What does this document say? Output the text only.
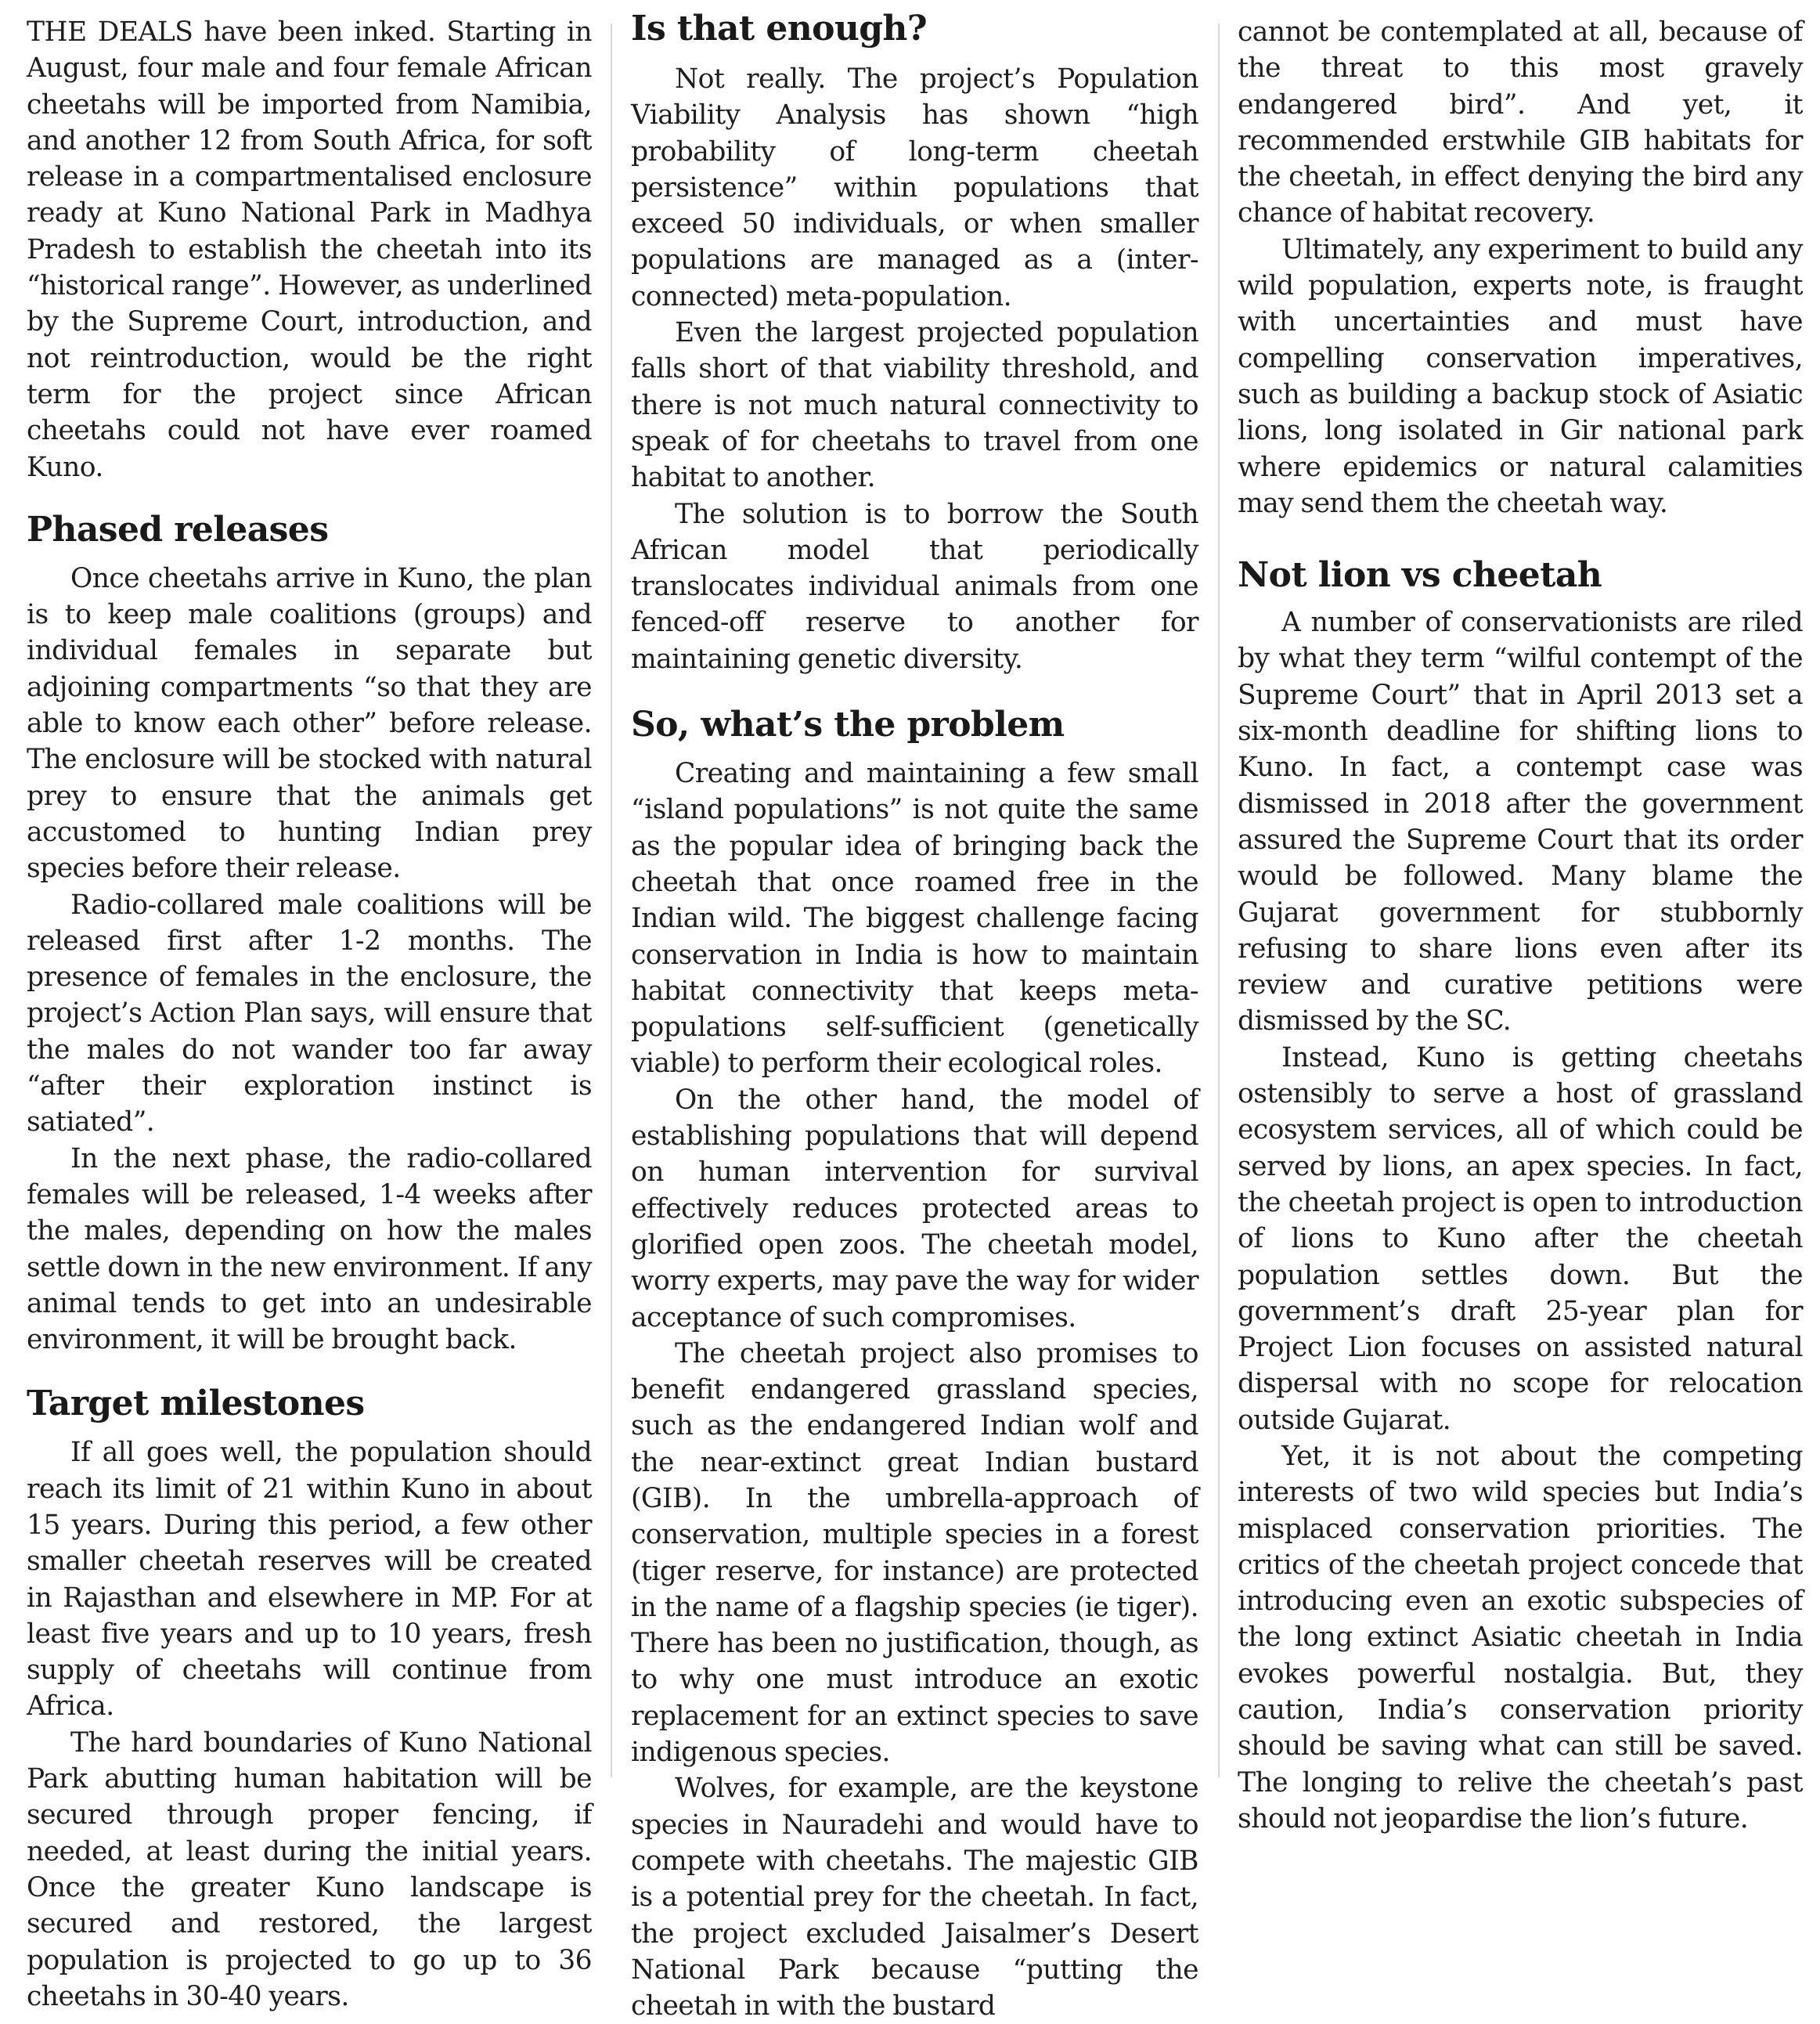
THE DEALS have been inked. Starting in August, four male and four female African cheetahs will be imported from Namibia, and another 12 from South Africa, for soft release in a compartmentalised enclosure ready at Kuno National Park in Madhya Pradesh to establish the cheetah into its “historical range”. However, as underlined by the Supreme Court, introduction, and not reintroduction, would be the right term for the project since African cheetahs could not have ever roamed Kuno.

Phased releases

Once cheetahs arrive in Kuno, the plan is to keep male coalitions (groups) and individual females in separate but adjoining compartments “so that they are able to know each other” before release. The enclosure will be stocked with natural prey to ensure that the animals get accustomed to hunting Indian prey species before their release.

Radio-collared male coalitions will be released first after 1-2 months. The presence of females in the enclosure, the project’s Action Plan says, will ensure that the males do not wander too far away “after their exploration instinct is satiated”.

In the next phase, the radio-collared females will be released, 1-4 weeks after the males, depending on how the males settle down in the new environment. If any animal tends to get into an undesirable environment, it will be brought back.

Target milestones

If all goes well, the population should reach its limit of 21 within Kuno in about 15 years. During this period, a few other smaller cheetah reserves will be created in Rajasthan and elsewhere in MP. For at least five years and up to 10 years, fresh supply of cheetahs will continue from Africa.

The hard boundaries of Kuno National Park abutting human habitation will be secured through proper fencing, if needed, at least during the initial years. Once the greater Kuno landscape is secured and restored, the largest population is projected to go up to 36 cheetahs in 30-40 years.

Is that enough?

Not really. The project’s Population Viability Analysis has shown “high probability of long-term cheetah persistence” within populations that exceed 50 individuals, or when smaller populations are managed as a (inter-connected) meta-population.

Even the largest projected population falls short of that viability threshold, and there is not much natural connectivity to speak of for cheetahs to travel from one habitat to another.

The solution is to borrow the South African model that periodically translocates individual animals from one fenced-off reserve to another for maintaining genetic diversity.

So, what’s the problem

Creating and maintaining a few small “island populations” is not quite the same as the popular idea of bringing back the cheetah that once roamed free in the Indian wild. The biggest challenge facing conservation in India is how to maintain habitat connectivity that keeps meta-populations self-sufficient (genetically viable) to perform their ecological roles.

On the other hand, the model of establishing populations that will depend on human intervention for survival effectively reduces protected areas to glorified open zoos. The cheetah model, worry experts, may pave the way for wider acceptance of such compromises.

The cheetah project also promises to benefit endangered grassland species, such as the endangered Indian wolf and the near-extinct great Indian bustard (GIB). In the umbrella-approach of conservation, multiple species in a forest (tiger reserve, for instance) are protected in the name of a flagship species (ie tiger). There has been no justification, though, as to why one must introduce an exotic replacement for an extinct species to save indigenous species.

Wolves, for example, are the keystone species in Nauradehi and would have to compete with cheetahs. The majestic GIB is a potential prey for the cheetah. In fact, the project excluded Jaisalmer’s Desert National Park because “putting the cheetah in with the bustard

cannot be contemplated at all, because of the threat to this most gravely endangered bird”. And yet, it recommended erstwhile GIB habitats for the cheetah, in effect denying the bird any chance of habitat recovery.

Ultimately, any experiment to build any wild population, experts note, is fraught with uncertainties and must have compelling conservation imperatives, such as building a backup stock of Asiatic lions, long isolated in Gir national park where epidemics or natural calamities may send them the cheetah way.

Not lion vs cheetah

A number of conservationists are riled by what they term “wilful contempt of the Supreme Court” that in April 2013 set a six-month deadline for shifting lions to Kuno. In fact, a contempt case was dismissed in 2018 after the government assured the Supreme Court that its order would be followed. Many blame the Gujarat government for stubbornly refusing to share lions even after its review and curative petitions were dismissed by the SC.

Instead, Kuno is getting cheetahs ostensibly to serve a host of grassland ecosystem services, all of which could be served by lions, an apex species. In fact, the cheetah project is open to introduction of lions to Kuno after the cheetah population settles down. But the government’s draft 25-year plan for Project Lion focuses on assisted natural dispersal with no scope for relocation outside Gujarat.

Yet, it is not about the competing interests of two wild species but India’s misplaced conservation priorities. The critics of the cheetah project concede that introducing even an exotic subspecies of the long extinct Asiatic cheetah in India evokes powerful nostalgia. But, they caution, India’s conservation priority should be saving what can still be saved. The longing to relive the cheetah’s past should not jeopardise the lion’s future.
